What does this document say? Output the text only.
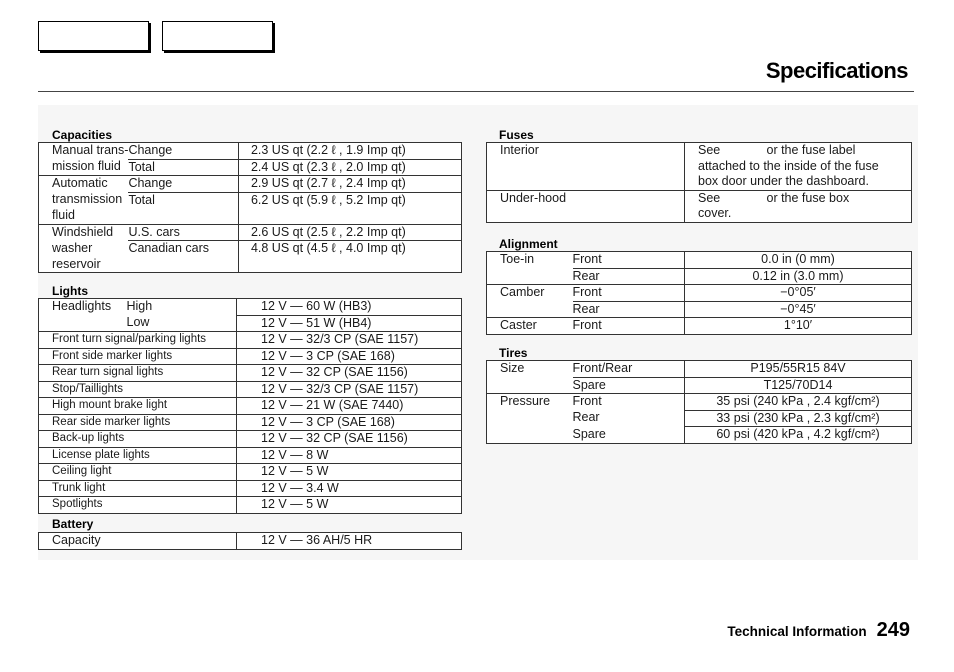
Specifications
Capacities
Manual trans-	Change	2.3 US qt (2.2 ℓ , 1.9 Imp qt)
mission fluid	Total	2.4 US qt (2.3 ℓ , 2.0 Imp qt)
Automatic	Change	2.9 US qt (2.7 ℓ , 2.4 Imp qt)
transmission	Total	6.2 US qt (5.9 ℓ , 5.2 Imp qt)
fluid		
Windshield	U.S. cars	2.6 US qt (2.5 ℓ , 2.2 Imp qt)
washer	Canadian cars	4.8 US qt (4.5 ℓ , 4.0 Imp qt)
reservoir		
Lights
Headlights	High	12 V — 60 W (HB3)
	Low	12 V — 51 W (HB4)
Front turn signal/parking lights		12 V — 32/3 CP (SAE 1157)
Front side marker lights		12 V — 3 CP (SAE 168)
Rear turn signal lights		12 V — 32 CP (SAE 1156)
Stop/Taillights		12 V — 32/3 CP (SAE 1157)
High mount brake light		12 V — 21 W (SAE 7440)
Rear side marker lights		12 V — 3 CP (SAE 168)
Back-up lights		12 V — 32 CP (SAE 1156)
License plate lights		12 V — 8 W
Ceiling light		12 V — 5 W
Trunk light		12 V — 3.4 W
Spotlights		12 V — 5 W
Battery
Capacity	12 V — 36 AH/5 HR
Fuses
Interior	See	or the fuse label
	attached to the inside of the fuse	
	box door under the dashboard.	
Under-hood	See	or the fuse box
	cover.	
Alignment
Toe-in	Front	0.0 in (0 mm)
	Rear	0.12 in (3.0 mm)
Camber	Front	−0°05′
	Rear	−0°45′
Caster	Front	1°10′
Tires
Size	Front/Rear	P195/55R15 84V
	Spare	T125/70D14
Pressure	Front	35 psi (240 kPa , 2.4 kgf/cm²)
	Rear	33 psi (230 kPa , 2.3 kgf/cm²)
	Spare	60 psi (420 kPa , 4.2 kgf/cm²)
Technical Information 249
